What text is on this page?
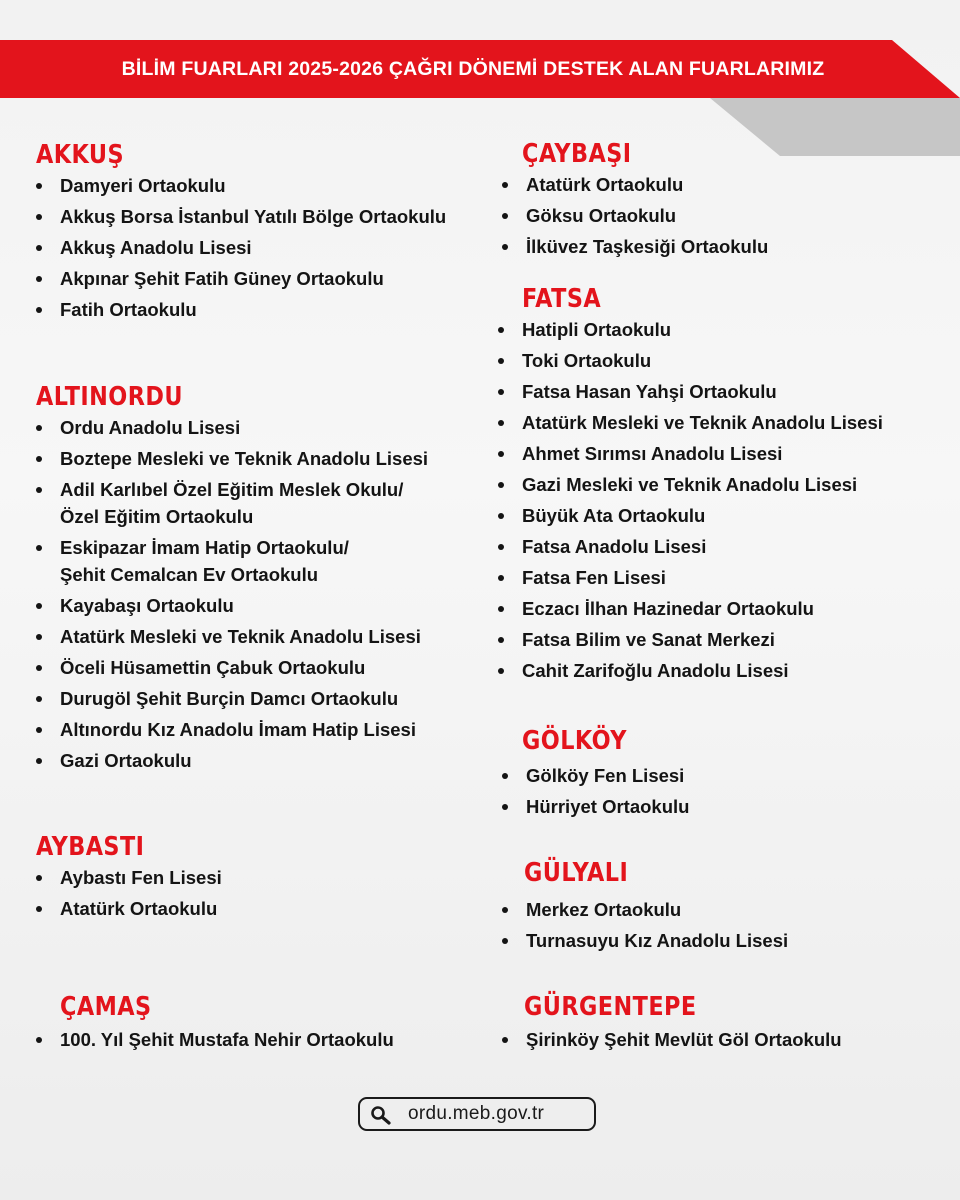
BİLİM FUARLARI 2025-2026 ÇAĞRI DÖNEMİ DESTEK ALAN FUARLARIMIZ
AKKUŞ
Damyeri Ortaokulu
Akkuş Borsa İstanbul Yatılı Bölge Ortaokulu
Akkuş Anadolu Lisesi
Akpınar Şehit Fatih Güney Ortaokulu
Fatih Ortaokulu
ALTINORDU
Ordu Anadolu Lisesi
Boztepe Mesleki ve Teknik Anadolu Lisesi
Adil Karlıbel Özel Eğitim Meslek Okulu/
Özel Eğitim Ortaokulu
Eskipazar İmam Hatip Ortaokulu/
Şehit Cemalcan Ev Ortaokulu
Kayabaşı Ortaokulu
Atatürk Mesleki ve Teknik Anadolu Lisesi
Öceli Hüsamettin Çabuk Ortaokulu
Durugöl Şehit Burçin Damcı Ortaokulu
Altınordu Kız Anadolu İmam Hatip Lisesi
Gazi Ortaokulu
AYBASTI
Aybastı Fen Lisesi
Atatürk Ortaokulu
ÇAMAŞ
100. Yıl Şehit Mustafa Nehir Ortaokulu
ÇAYBAŞI
Atatürk Ortaokulu
Göksu Ortaokulu
İlküvez Taşkesiği Ortaokulu
FATSA
Hatipli Ortaokulu
Toki Ortaokulu
Fatsa Hasan Yahşi Ortaokulu
Atatürk Mesleki ve Teknik Anadolu Lisesi
Ahmet Sırımsı Anadolu Lisesi
Gazi Mesleki ve Teknik Anadolu Lisesi
Büyük Ata Ortaokulu
Fatsa Anadolu Lisesi
Fatsa Fen Lisesi
Eczacı İlhan Hazinedar Ortaokulu
Fatsa Bilim ve Sanat Merkezi
Cahit Zarifoğlu Anadolu Lisesi
GÖLKÖY
Gölköy Fen Lisesi
Hürriyet Ortaokulu
GÜLYALI
Merkez Ortaokulu
Turnasuyu Kız Anadolu Lisesi
GÜRGENTEPE
Şirinköy Şehit Mevlüt Göl Ortaokulu
ordu.meb.gov.tr
